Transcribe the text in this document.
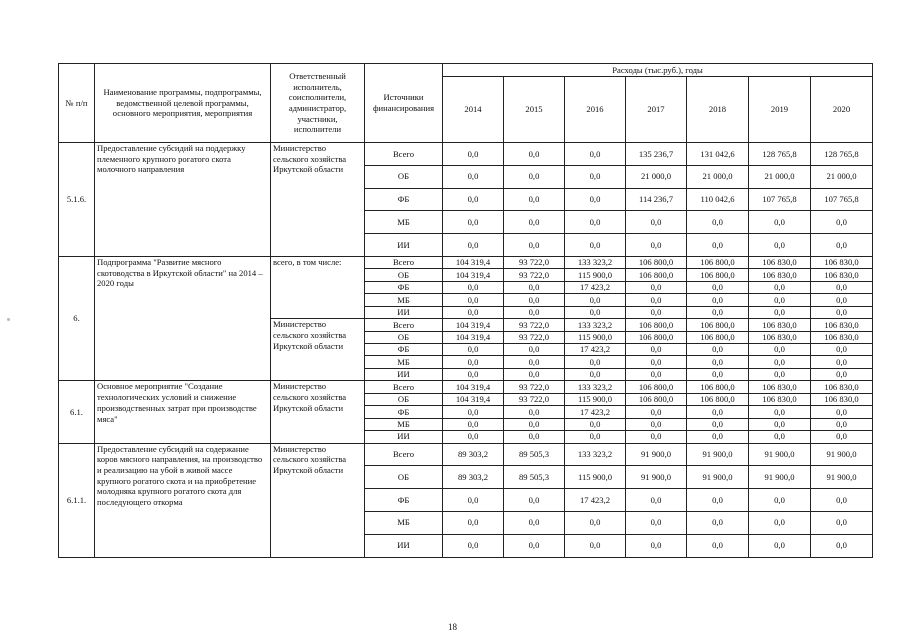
№ п/п	Наименование программы, подпрограммы, ведомственной целевой программы, основного мероприятия, мероприятия	Ответственный исполнитель, соисполнители, администратор, участники, исполнители	Источники финансирования	Расходы (тыс.руб.), годы						
				2014	2015	2016	2017	2018	2019	2020
5.1.6.	Предоставление субсидий на поддержку племенного крупного рогатого скота молочного направления	Министерство сельского хозяйства Иркутской области	Всего	0,0	0,0	0,0	135 236,7	131 042,6	128 765,8	128 765,8
			ОБ	0,0	0,0	0,0	21 000,0	21 000,0	21 000,0	21 000,0
			ФБ	0,0	0,0	0,0	114 236,7	110 042,6	107 765,8	107 765,8
			МБ	0,0	0,0	0,0	0,0	0,0	0,0	0,0
			ИИ	0,0	0,0	0,0	0,0	0,0	0,0	0,0
6.	Подпрограмма "Развитие мясного скотоводства в Иркутской области" на 2014 – 2020 годы	всего, в том числе:	Всего	104 319,4	93 722,0	133 323,2	106 800,0	106 800,0	106 830,0	106 830,0
			ОБ	104 319,4	93 722,0	115 900,0	106 800,0	106 800,0	106 830,0	106 830,0
			ФБ	0,0	0,0	17 423,2	0,0	0,0	0,0	0,0
			МБ	0,0	0,0	0,0	0,0	0,0	0,0	0,0
			ИИ	0,0	0,0	0,0	0,0	0,0	0,0	0,0
		Министерство сельского хозяйства Иркутской области	Всего	104 319,4	93 722,0	133 323,2	106 800,0	106 800,0	106 830,0	106 830,0
			ОБ	104 319,4	93 722,0	115 900,0	106 800,0	106 800,0	106 830,0	106 830,0
			ФБ	0,0	0,0	17 423,2	0,0	0,0	0,0	0,0
			МБ	0,0	0,0	0,0	0,0	0,0	0,0	0,0
			ИИ	0,0	0,0	0,0	0,0	0,0	0,0	0,0
6.1.	Основное мероприятие "Создание технологических условий и снижение производственных затрат при производстве мяса"	Министерство сельского хозяйства Иркутской области	Всего	104 319,4	93 722,0	133 323,2	106 800,0	106 800,0	106 830,0	106 830,0
			ОБ	104 319,4	93 722,0	115 900,0	106 800,0	106 800,0	106 830,0	106 830,0
			ФБ	0,0	0,0	17 423,2	0,0	0,0	0,0	0,0
			МБ	0,0	0,0	0,0	0,0	0,0	0,0	0,0
			ИИ	0,0	0,0	0,0	0,0	0,0	0,0	0,0
6.1.1.	Предоставление субсидий на содержание коров мясного направления, на производство и реализацию на убой в живой массе крупного рогатого скота и на приобретение молодняка крупного рогатого скота для последующего откорма	Министерство сельского хозяйства Иркутской области	Всего	89 303,2	89 505,3	133 323,2	91 900,0	91 900,0	91 900,0	91 900,0
			ОБ	89 303,2	89 505,3	115 900,0	91 900,0	91 900,0	91 900,0	91 900,0
			ФБ	0,0	0,0	17 423,2	0,0	0,0	0,0	0,0
			МБ	0,0	0,0	0,0	0,0	0,0	0,0	0,0
			ИИ	0,0	0,0	0,0	0,0	0,0	0,0	0,0
18
